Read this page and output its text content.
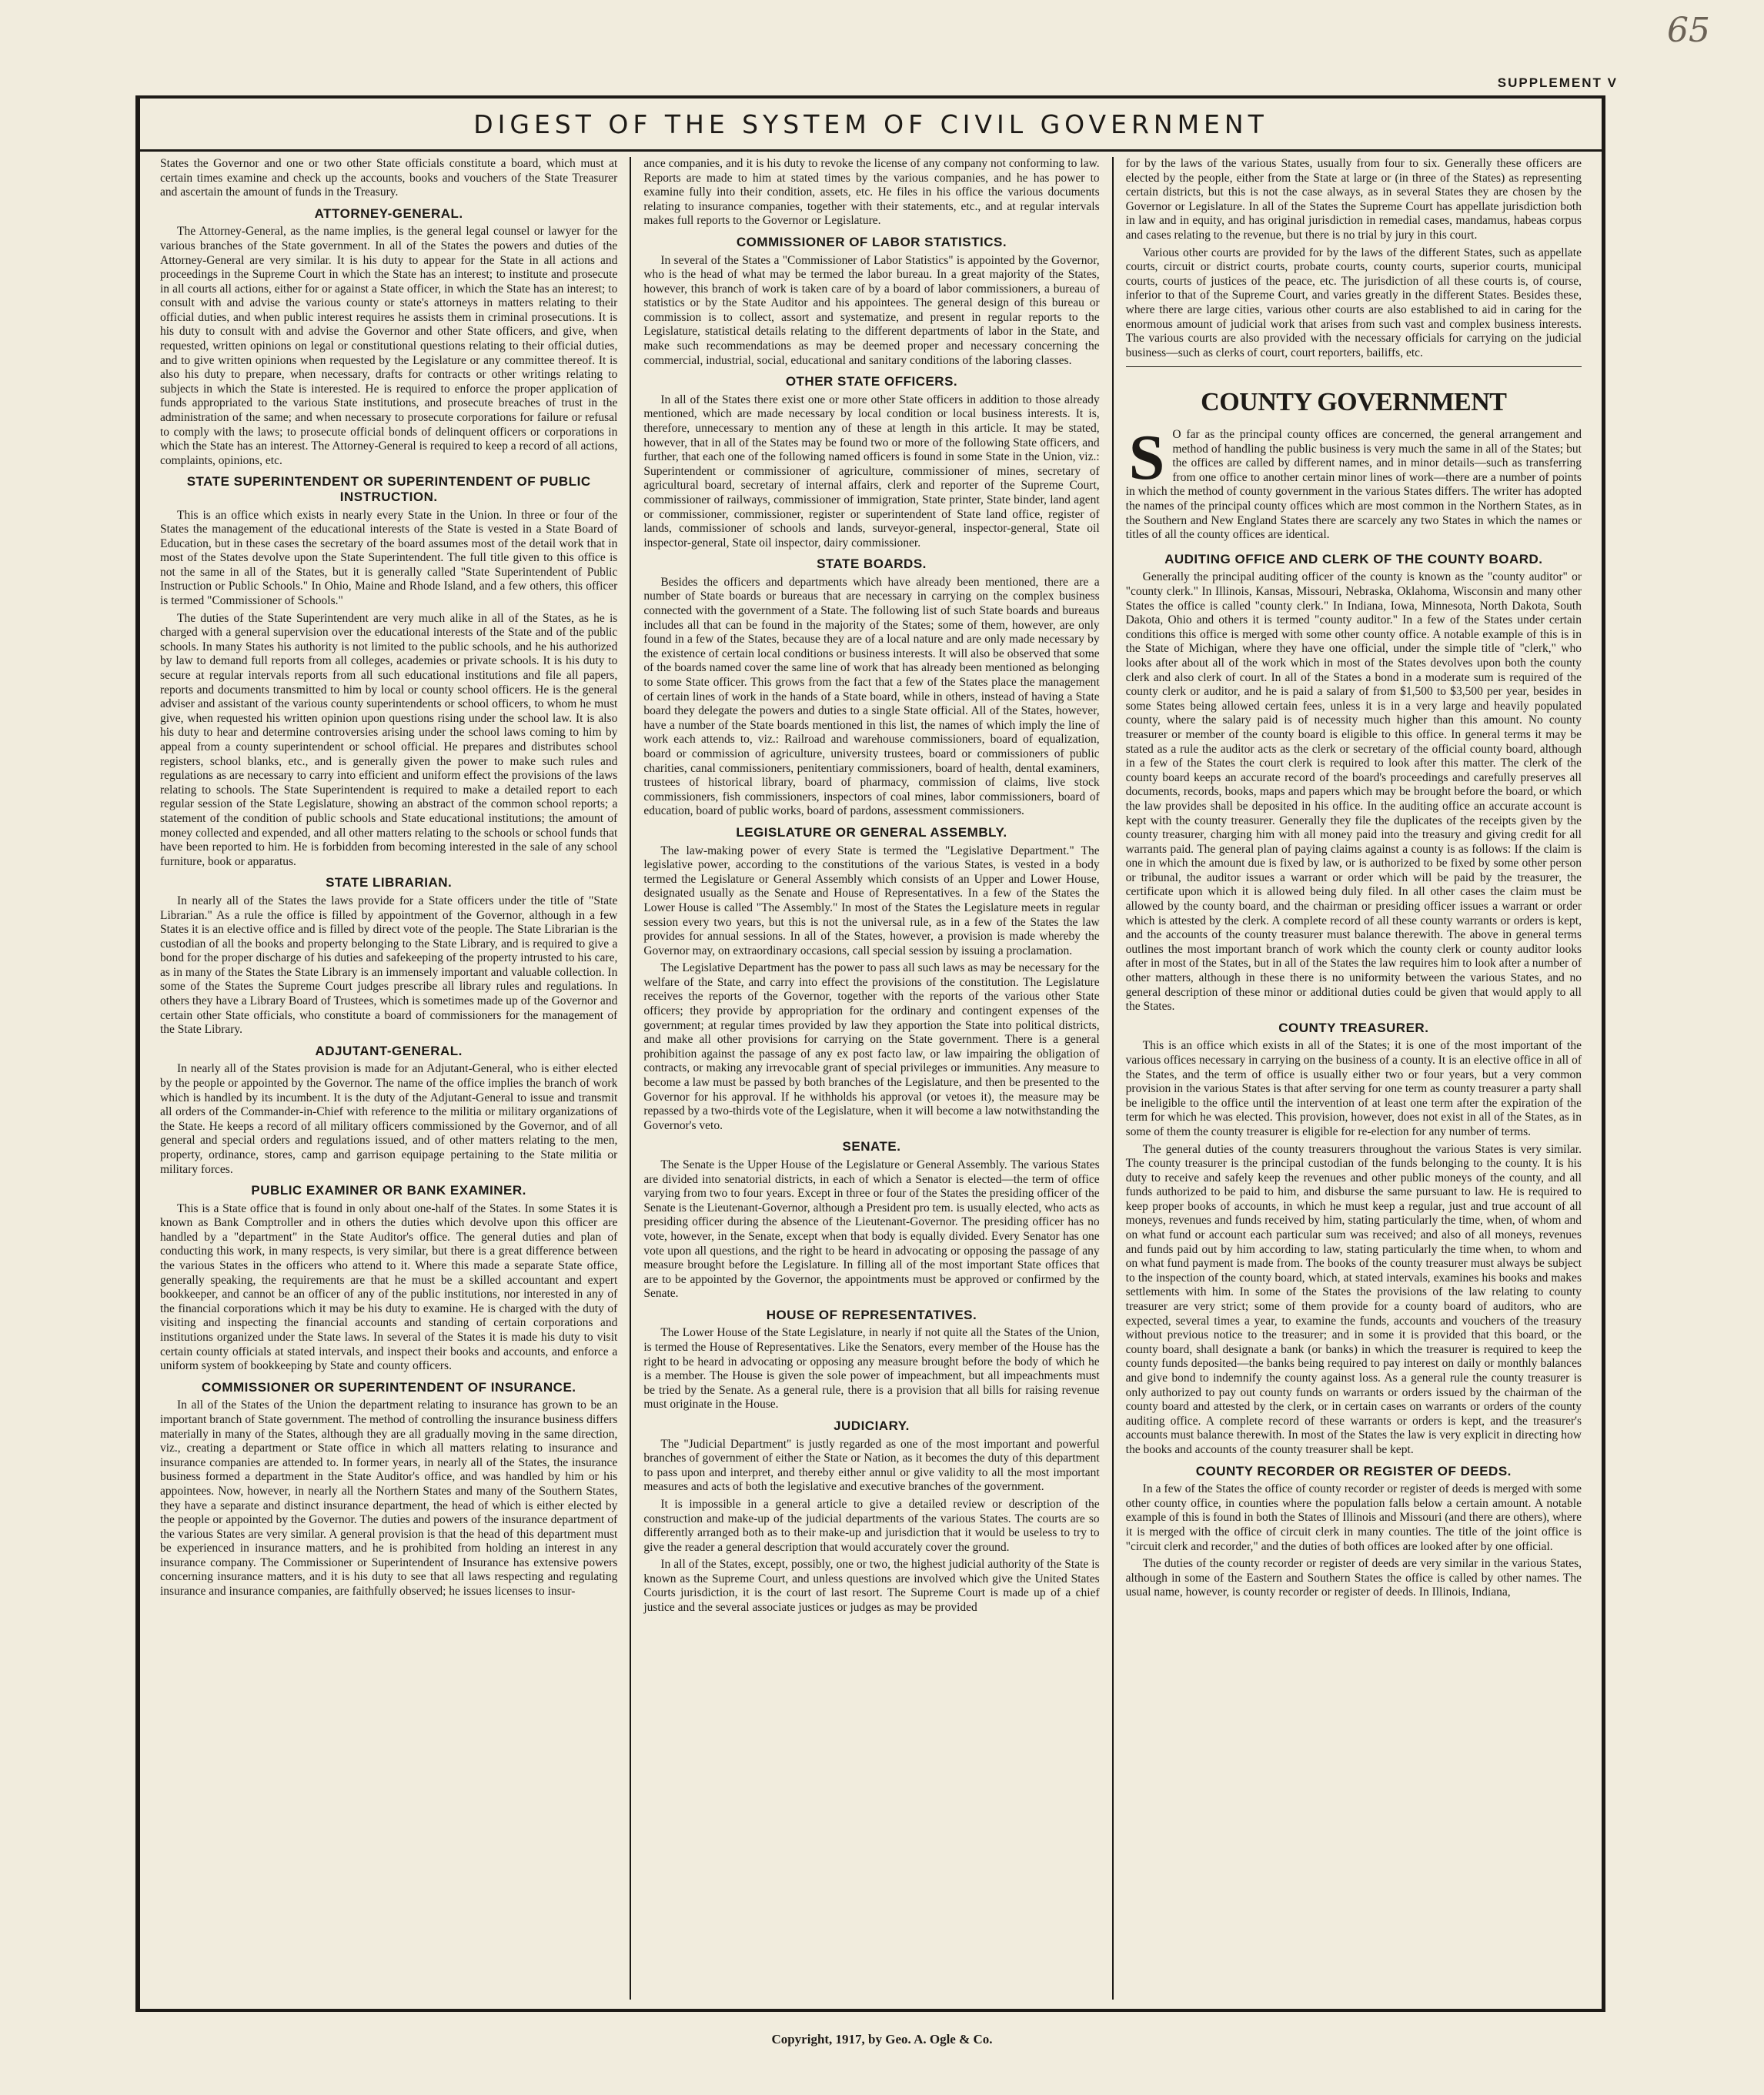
65
SUPPLEMENT V
DIGEST OF THE SYSTEM OF CIVIL GOVERNMENT

States the Governor and one or two other State officials constitute a board, which must at certain times examine and check up the accounts, books and vouchers of the State Treasurer and ascertain the amount of funds in the Treasury.

ATTORNEY-GENERAL.

The Attorney-General, as the name implies, is the general legal counsel or lawyer for the various branches of the State government. In all of the States the powers and duties of the Attorney-General are very similar. It is his duty to appear for the State in all actions and proceedings in the Supreme Court in which the State has an interest; to institute and prosecute in all courts all actions, either for or against a State officer, in which the State has an interest; to consult with and advise the various county or state's attorneys in matters relating to their official duties, and when public interest requires he assists them in criminal prosecutions. It is his duty to consult with and advise the Governor and other State officers, and give, when requested, written opinions on legal or constitutional questions relating to their official duties, and to give written opinions when requested by the Legislature or any committee thereof. It is also his duty to prepare, when necessary, drafts for contracts or other writings relating to subjects in which the State is interested. He is required to enforce the proper application of funds appropriated to the various State institutions, and prosecute breaches of trust in the administration of the same; and when necessary to prosecute corporations for failure or refusal to comply with the laws; to prosecute official bonds of delinquent officers or corporations in which the State has an interest. The Attorney-General is required to keep a record of all actions, complaints, opinions, etc.

STATE SUPERINTENDENT OR SUPERINTENDENT OF PUBLIC INSTRUCTION.

This is an office which exists in nearly every State in the Union. In three or four of the States the management of the educational interests of the State is vested in a State Board of Education, but in these cases the secretary of the board assumes most of the detail work that in most of the States devolve upon the State Superintendent. The full title given to this office is not the same in all of the States, but it is generally called "State Superintendent of Public Instruction or Public Schools." In Ohio, Maine and Rhode Island, and a few others, this officer is termed "Commissioner of Schools."

The duties of the State Superintendent are very much alike in all of the States, as he is charged with a general supervision over the educational interests of the State and of the public schools. In many States his authority is not limited to the public schools, and he his authorized by law to demand full reports from all colleges, academies or private schools. It is his duty to secure at regular intervals reports from all such educational institutions and file all papers, reports and documents transmitted to him by local or county school officers. He is the general adviser and assistant of the various county superintendents or school officers, to whom he must give, when requested his written opinion upon questions rising under the school law. It is also his duty to hear and determine controversies arising under the school laws coming to him by appeal from a county superintendent or school official. He prepares and distributes school registers, school blanks, etc., and is generally given the power to make such rules and regulations as are necessary to carry into efficient and uniform effect the provisions of the laws relating to schools. The State Superintendent is required to make a detailed report to each regular session of the State Legislature, showing an abstract of the common school reports; a statement of the condition of public schools and State educational institutions; the amount of money collected and expended, and all other matters relating to the schools or school funds that have been reported to him. He is forbidden from becoming interested in the sale of any school furniture, book or apparatus.

STATE LIBRARIAN.

In nearly all of the States the laws provide for a State officers under the title of "State Librarian." As a rule the office is filled by appointment of the Governor, although in a few States it is an elective office and is filled by direct vote of the people. The State Librarian is the custodian of all the books and property belonging to the State Library, and is required to give a bond for the proper discharge of his duties and safekeeping of the property intrusted to his care, as in many of the States the State Library is an immensely important and valuable collection. In some of the States the Supreme Court judges prescribe all library rules and regulations. In others they have a Library Board of Trustees, which is sometimes made up of the Governor and certain other State officials, who constitute a board of commissioners for the management of the State Library.

ADJUTANT-GENERAL.

In nearly all of the States provision is made for an Adjutant-General, who is either elected by the people or appointed by the Governor. The name of the office implies the branch of work which is handled by its incumbent. It is the duty of the Adjutant-General to issue and transmit all orders of the Commander-in-Chief with reference to the militia or military organizations of the State. He keeps a record of all military officers commissioned by the Governor, and of all general and special orders and regulations issued, and of other matters relating to the men, property, ordinance, stores, camp and garrison equipage pertaining to the State militia or military forces.

PUBLIC EXAMINER OR BANK EXAMINER.

This is a State office that is found in only about one-half of the States. In some States it is known as Bank Comptroller and in others the duties which devolve upon this officer are handled by a "department" in the State Auditor's office. The general duties and plan of conducting this work, in many respects, is very similar, but there is a great difference between the various States in the officers who attend to it. Where this made a separate State office, generally speaking, the requirements are that he must be a skilled accountant and expert bookkeeper, and cannot be an officer of any of the public institutions, nor interested in any of the financial corporations which it may be his duty to examine. He is charged with the duty of visiting and inspecting the financial accounts and standing of certain corporations and institutions organized under the State laws. In several of the States it is made his duty to visit certain county officials at stated intervals, and inspect their books and accounts, and enforce a uniform system of bookkeeping by State and county officers.

COMMISSIONER OR SUPERINTENDENT OF INSURANCE.

In all of the States of the Union the department relating to insurance has grown to be an important branch of State government. The method of controlling the insurance business differs materially in many of the States, although they are all gradually moving in the same direction, viz., creating a department or State office in which all matters relating to insurance and insurance companies are attended to. In former years, in nearly all of the States, the insurance business formed a department in the State Auditor's office, and was handled by him or his appointees. Now, however, in nearly all the Northern States and many of the Southern States, they have a separate and distinct insurance department, the head of which is either elected by the people or appointed by the Governor. The duties and powers of the insurance department of the various States are very similar. A general provision is that the head of this department must be experienced in insurance matters, and he is prohibited from holding an interest in any insurance company. The Commissioner or Superintendent of Insurance has extensive powers concerning insurance matters, and it is his duty to see that all laws respecting and regulating insurance and insurance companies, are faithfully observed; he issues licenses to insur-

ance companies, and it is his duty to revoke the license of any company not conforming to law. Reports are made to him at stated times by the various companies, and he has power to examine fully into their condition, assets, etc. He files in his office the various documents relating to insurance companies, together with their statements, etc., and at regular intervals makes full reports to the Governor or Legislature.

COMMISSIONER OF LABOR STATISTICS.

In several of the States a "Commissioner of Labor Statistics" is appointed by the Governor, who is the head of what may be termed the labor bureau. In a great majority of the States, however, this branch of work is taken care of by a board of labor commissioners, a bureau of statistics or by the State Auditor and his appointees. The general design of this bureau or commission is to collect, assort and systematize, and present in regular reports to the Legislature, statistical details relating to the different departments of labor in the State, and make such recommendations as may be deemed proper and necessary concerning the commercial, industrial, social, educational and sanitary conditions of the laboring classes.

OTHER STATE OFFICERS.

In all of the States there exist one or more other State officers in addition to those already mentioned, which are made necessary by local condition or local business interests. It is, therefore, unnecessary to mention any of these at length in this article. It may be stated, however, that in all of the States may be found two or more of the following State officers, and further, that each one of the following named officers is found in some State in the Union, viz.: Superintendent or commissioner of agriculture, commissioner of mines, secretary of agricultural board, secretary of internal affairs, clerk and reporter of the Supreme Court, commissioner of railways, commissioner of immigration, State printer, State binder, land agent or commissioner, commissioner, register or superintendent of State land office, register of lands, commissioner of schools and lands, surveyor-general, inspector-general, State oil inspector-general, State oil inspector, dairy commissioner.

STATE BOARDS.

Besides the officers and departments which have already been mentioned, there are a number of State boards or bureaus that are necessary in carrying on the complex business connected with the government of a State. The following list of such State boards and bureaus includes all that can be found in the majority of the States; some of them, however, are only found in a few of the States, because they are of a local nature and are only made necessary by the existence of certain local conditions or business interests. It will also be observed that some of the boards named cover the same line of work that has already been mentioned as belonging to some State officer. This grows from the fact that a few of the States place the management of certain lines of work in the hands of a State board, while in others, instead of having a State board they delegate the powers and duties to a single State official. All of the States, however, have a number of the State boards mentioned in this list, the names of which imply the line of work each attends to, viz.: Railroad and warehouse commissioners, board of equalization, board or commission of agriculture, university trustees, board or commissioners of public charities, canal commissioners, penitentiary commissioners, board of health, dental examiners, trustees of historical library, board of pharmacy, commission of claims, live stock commissioners, fish commissioners, inspectors of coal mines, labor commissioners, board of education, board of public works, board of pardons, assessment commissioners.

LEGISLATURE OR GENERAL ASSEMBLY.

The law-making power of every State is termed the "Legislative Department." The legislative power, according to the constitutions of the various States, is vested in a body termed the Legislature or General Assembly which consists of an Upper and Lower House, designated usually as the Senate and House of Representatives. In a few of the States the Lower House is called "The Assembly." In most of the States the Legislature meets in regular session every two years, but this is not the universal rule, as in a few of the States the law provides for annual sessions. In all of the States, however, a provision is made whereby the Governor may, on extraordinary occasions, call special session by issuing a proclamation.

The Legislative Department has the power to pass all such laws as may be necessary for the welfare of the State, and carry into effect the provisions of the constitution. The Legislature receives the reports of the Governor, together with the reports of the various other State officers; they provide by appropriation for the ordinary and contingent expenses of the government; at regular times provided by law they apportion the State into political districts, and make all other provisions for carrying on the State government. There is a general prohibition against the passage of any ex post facto law, or law impairing the obligation of contracts, or making any irrevocable grant of special privileges or immunities. Any measure to become a law must be passed by both branches of the Legislature, and then be presented to the Governor for his approval. If he withholds his approval (or vetoes it), the measure may be repassed by a two-thirds vote of the Legislature, when it will become a law notwithstanding the Governor's veto.

SENATE.

The Senate is the Upper House of the Legislature or General Assembly. The various States are divided into senatorial districts, in each of which a Senator is elected—the term of office varying from two to four years. Except in three or four of the States the presiding officer of the Senate is the Lieutenant-Governor, although a President pro tem. is usually elected, who acts as presiding officer during the absence of the Lieutenant-Governor. The presiding officer has no vote, however, in the Senate, except when that body is equally divided. Every Senator has one vote upon all questions, and the right to be heard in advocating or opposing the passage of any measure brought before the Legislature. In filling all of the most important State offices that are to be appointed by the Governor, the appointments must be approved or confirmed by the Senate.

HOUSE OF REPRESENTATIVES.

The Lower House of the State Legislature, in nearly if not quite all the States of the Union, is termed the House of Representatives. Like the Senators, every member of the House has the right to be heard in advocating or opposing any measure brought before the body of which he is a member. The House is given the sole power of impeachment, but all impeachments must be tried by the Senate. As a general rule, there is a provision that all bills for raising revenue must originate in the House.

JUDICIARY.

The "Judicial Department" is justly regarded as one of the most important and powerful branches of government of either the State or Nation, as it becomes the duty of this department to pass upon and interpret, and thereby either annul or give validity to all the most important measures and acts of both the legislative and executive branches of the government.

It is impossible in a general article to give a detailed review or description of the construction and make-up of the judicial departments of the various States. The courts are so differently arranged both as to their make-up and jurisdiction that it would be useless to try to give the reader a general description that would accurately cover the ground.

In all of the States, except, possibly, one or two, the highest judicial authority of the State is known as the Supreme Court, and unless questions are involved which give the United States Courts jurisdiction, it is the court of last resort. The Supreme Court is made up of a chief justice and the several associate justices or judges as may be provided

for by the laws of the various States, usually from four to six. Generally these officers are elected by the people, either from the State at large or (in three of the States) as representing certain districts, but this is not the case always, as in several States they are chosen by the Governor or Legislature. In all of the States the Supreme Court has appellate jurisdiction both in law and in equity, and has original jurisdiction in remedial cases, mandamus, habeas corpus and cases relating to the revenue, but there is no trial by jury in this court.

Various other courts are provided for by the laws of the different States, such as appellate courts, circuit or district courts, probate courts, county courts, superior courts, municipal courts, courts of justices of the peace, etc. The jurisdiction of all these courts is, of course, inferior to that of the Supreme Court, and varies greatly in the different States. Besides these, where there are large cities, various other courts are also established to aid in caring for the enormous amount of judicial work that arises from such vast and complex business interests. The various courts are also provided with the necessary officials for carrying on the judicial business—such as clerks of court, court reporters, bailiffs, etc.

COUNTY GOVERNMENT
S O far as the principal county offices are concerned, the general arrangement and method of handling the public business is very much the same in all of the States; but the offices are called by different names, and in minor details—such as transferring from one office to another certain minor lines of work—there are a number of points in which the method of county government in the various States differs. The writer has adopted the names of the principal county offices which are most common in the Northern States, as in the Southern and New England States there are scarcely any two States in which the names or titles of all the county offices are identical.

AUDITING OFFICE AND CLERK OF THE COUNTY BOARD.

Generally the principal auditing officer of the county is known as the "county auditor" or "county clerk." In Illinois, Kansas, Missouri, Nebraska, Oklahoma, Wisconsin and many other States the office is called "county clerk." In Indiana, Iowa, Minnesota, North Dakota, South Dakota, Ohio and others it is termed "county auditor." In a few of the States under certain conditions this office is merged with some other county office. A notable example of this is in the State of Michigan, where they have one official, under the simple title of "clerk," who looks after about all of the work which in most of the States devolves upon both the county clerk and also clerk of court. In all of the States a bond in a moderate sum is required of the county clerk or auditor, and he is paid a salary of from $1,500 to $3,500 per year, besides in some States being allowed certain fees, unless it is in a very large and heavily populated county, where the salary paid is of necessity much higher than this amount. No county treasurer or member of the county board is eligible to this office. In general terms it may be stated as a rule the auditor acts as the clerk or secretary of the official county board, although in a few of the States the court clerk is required to look after this matter. The clerk of the county board keeps an accurate record of the board's proceedings and carefully preserves all documents, records, books, maps and papers which may be brought before the board, or which the law provides shall be deposited in his office. In the auditing office an accurate account is kept with the county treasurer. Generally they file the duplicates of the receipts given by the county treasurer, charging him with all money paid into the treasury and giving credit for all warrants paid. The general plan of paying claims against a county is as follows: If the claim is one in which the amount due is fixed by law, or is authorized to be fixed by some other person or tribunal, the auditor issues a warrant or order which will be paid by the treasurer, the certificate upon which it is allowed being duly filed. In all other cases the claim must be allowed by the county board, and the chairman or presiding officer issues a warrant or order which is attested by the clerk. A complete record of all these county warrants or orders is kept, and the accounts of the county treasurer must balance therewith. The above in general terms outlines the most important branch of work which the county clerk or county auditor looks after in most of the States, but in all of the States the law requires him to look after a number of other matters, although in these there is no uniformity between the various States, and no general description of these minor or additional duties could be given that would apply to all the States.

COUNTY TREASURER.

This is an office which exists in all of the States; it is one of the most important of the various offices necessary in carrying on the business of a county. It is an elective office in all of the States, and the term of office is usually either two or four years, but a very common provision in the various States is that after serving for one term as county treasurer a party shall be ineligible to the office until the intervention of at least one term after the expiration of the term for which he was elected. This provision, however, does not exist in all of the States, as in some of them the county treasurer is eligible for re-election for any number of terms.

The general duties of the county treasurers throughout the various States is very similar. The county treasurer is the principal custodian of the funds belonging to the county. It is his duty to receive and safely keep the revenues and other public moneys of the county, and all funds authorized to be paid to him, and disburse the same pursuant to law. He is required to keep proper books of accounts, in which he must keep a regular, just and true account of all moneys, revenues and funds received by him, stating particularly the time, when, of whom and on what fund or account each particular sum was received; and also of all moneys, revenues and funds paid out by him according to law, stating particularly the time when, to whom and on what fund payment is made from. The books of the county treasurer must always be subject to the inspection of the county board, which, at stated intervals, examines his books and makes settlements with him. In some of the States the provisions of the law relating to county treasurer are very strict; some of them provide for a county board of auditors, who are expected, several times a year, to examine the funds, accounts and vouchers of the treasury without previous notice to the treasurer; and in some it is provided that this board, or the county board, shall designate a bank (or banks) in which the treasurer is required to keep the county funds deposited—the banks being required to pay interest on daily or monthly balances and give bond to indemnify the county against loss. As a general rule the county treasurer is only authorized to pay out county funds on warrants or orders issued by the chairman of the county board and attested by the clerk, or in certain cases on warrants or orders of the county auditing office. A complete record of these warrants or orders is kept, and the treasurer's accounts must balance therewith. In most of the States the law is very explicit in directing how the books and accounts of the county treasurer shall be kept.

COUNTY RECORDER OR REGISTER OF DEEDS.

In a few of the States the office of county recorder or register of deeds is merged with some other county office, in counties where the population falls below a certain amount. A notable example of this is found in both the States of Illinois and Missouri (and there are others), where it is merged with the office of circuit clerk in many counties. The title of the joint office is "circuit clerk and recorder," and the duties of both offices are looked after by one official.

The duties of the county recorder or register of deeds are very similar in the various States, although in some of the Eastern and Southern States the office is called by other names. The usual name, however, is county recorder or register of deeds. In Illinois, Indiana,

Copyright, 1917, by Geo. A. Ogle & Co.
